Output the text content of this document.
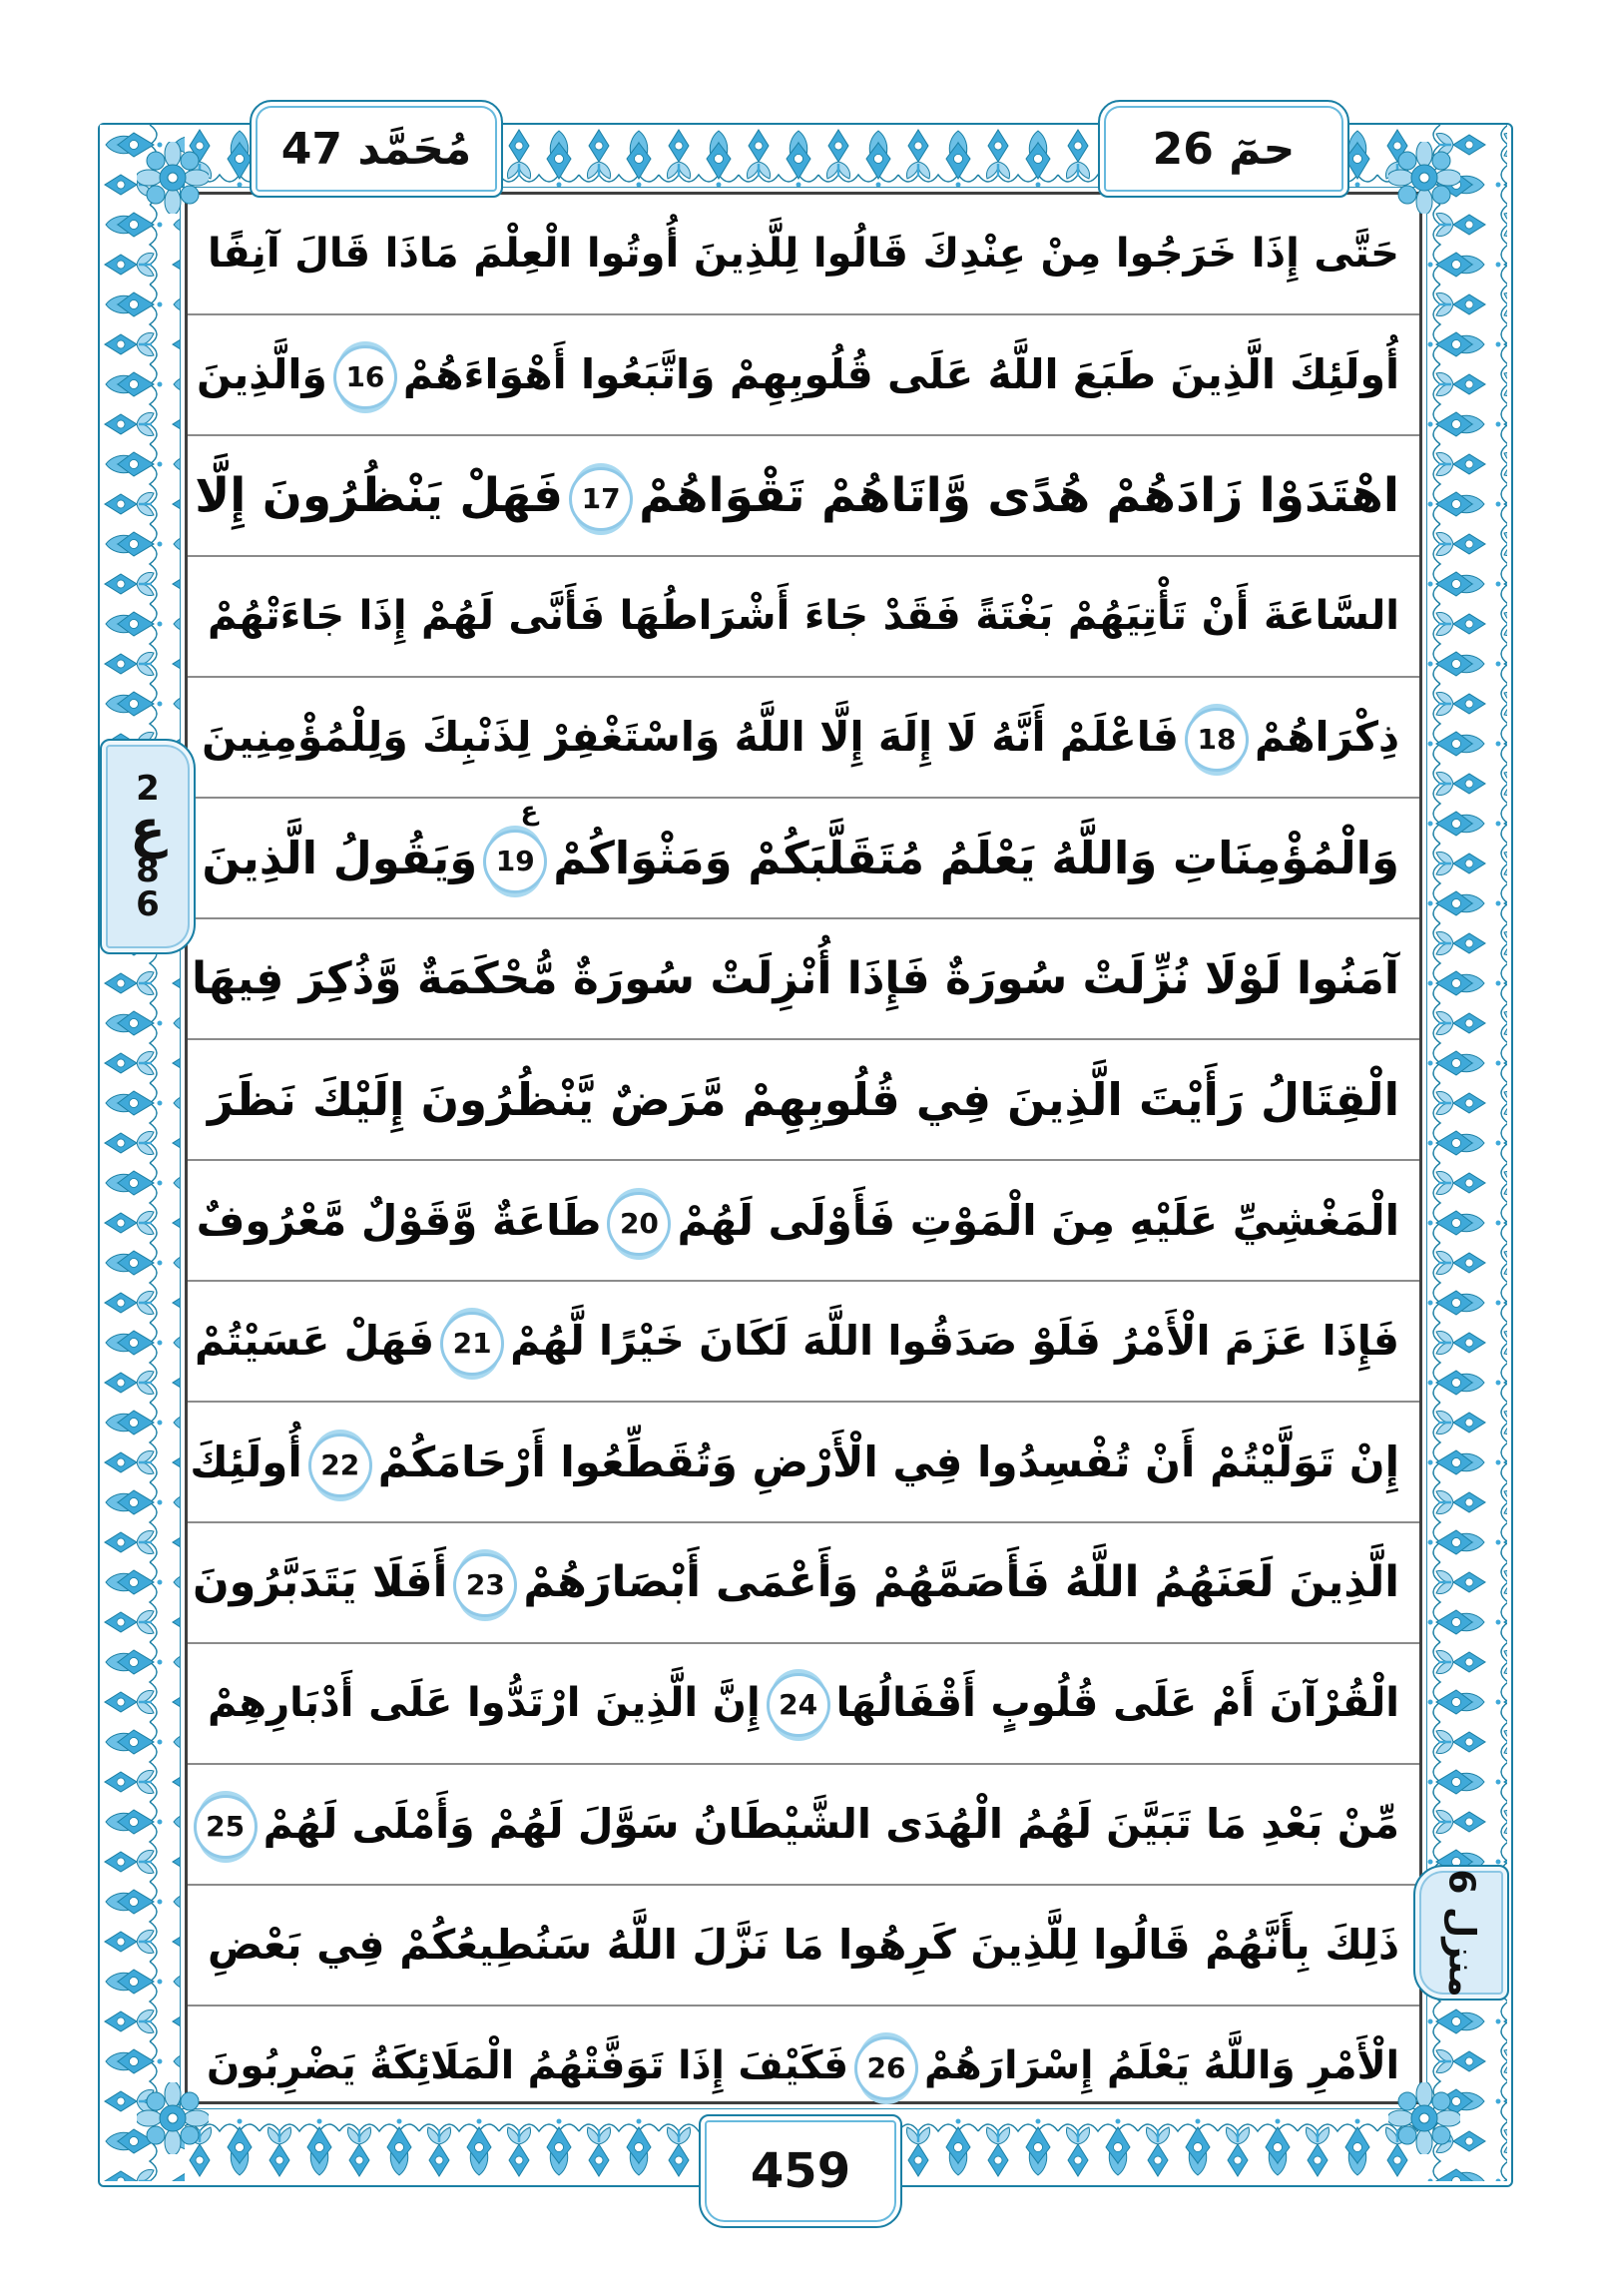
مُحَمَّد 47	حمٓ 26
2
ع
8
6
منزل 6
459
حَتَّى إِذَا خَرَجُوا مِنْ عِنْدِكَ قَالُوا لِلَّذِينَ أُوتُوا الْعِلْمَ مَاذَا قَالَ آنِفًا
أُولَئِكَ الَّذِينَ طَبَعَ اللَّهُ عَلَى قُلُوبِهِمْ وَاتَّبَعُوا أَهْوَاءَهُمْ16وَالَّذِينَ
اهْتَدَوْا زَادَهُمْ هُدًى وَّاتَاهُمْ تَقْوَاهُمْ17فَهَلْ يَنْظُرُونَ إِلَّا
السَّاعَةَ أَنْ تَأْتِيَهُمْ بَغْتَةً فَقَدْ جَاءَ أَشْرَاطُهَا فَأَنَّى لَهُمْ إِذَا جَاءَتْهُمْ
ذِكْرَاهُمْ18فَاعْلَمْ أَنَّهُ لَا إِلَهَ إِلَّا اللَّهُ وَاسْتَغْفِرْ لِذَنْبِكَ وَلِلْمُؤْمِنِينَ
وَالْمُؤْمِنَاتِ وَاللَّهُ يَعْلَمُ مُتَقَلَّبَكُمْ وَمَثْوَاكُمْ19
ع
وَيَقُولُ الَّذِينَ
آمَنُوا لَوْلَا نُزِّلَتْ سُورَةٌ فَإِذَا أُنْزِلَتْ سُورَةٌ مُّحْكَمَةٌ وَّذُكِرَ فِيهَا
الْقِتَالُ رَأَيْتَ الَّذِينَ فِي قُلُوبِهِمْ مَّرَضٌ يَّنْظُرُونَ إِلَيْكَ نَظَرَ
الْمَغْشِيِّ عَلَيْهِ مِنَ الْمَوْتِ فَأَوْلَى لَهُمْ20طَاعَةٌ وَّقَوْلٌ مَّعْرُوفٌ
فَإِذَا عَزَمَ الْأَمْرُ فَلَوْ صَدَقُوا اللَّهَ لَكَانَ خَيْرًا لَّهُمْ21فَهَلْ عَسَيْتُمْ
إِنْ تَوَلَّيْتُمْ أَنْ تُفْسِدُوا فِي الْأَرْضِ وَتُقَطِّعُوا أَرْحَامَكُمْ22أُولَئِكَ
الَّذِينَ لَعَنَهُمُ اللَّهُ فَأَصَمَّهُمْ وَأَعْمَى أَبْصَارَهُمْ23أَفَلَا يَتَدَبَّرُونَ
الْقُرْآنَ أَمْ عَلَى قُلُوبٍ أَقْفَالُهَا24إِنَّ الَّذِينَ ارْتَدُّوا عَلَى أَدْبَارِهِمْ
مِّنْ بَعْدِ مَا تَبَيَّنَ لَهُمُ الْهُدَى الشَّيْطَانُ سَوَّلَ لَهُمْ وَأَمْلَى لَهُمْ25
ذَلِكَ بِأَنَّهُمْ قَالُوا لِلَّذِينَ كَرِهُوا مَا نَزَّلَ اللَّهُ سَنُطِيعُكُمْ فِي بَعْضِ
الْأَمْرِ وَاللَّهُ يَعْلَمُ إِسْرَارَهُمْ26فَكَيْفَ إِذَا تَوَفَّتْهُمُ الْمَلَائِكَةُ يَضْرِبُونَ
